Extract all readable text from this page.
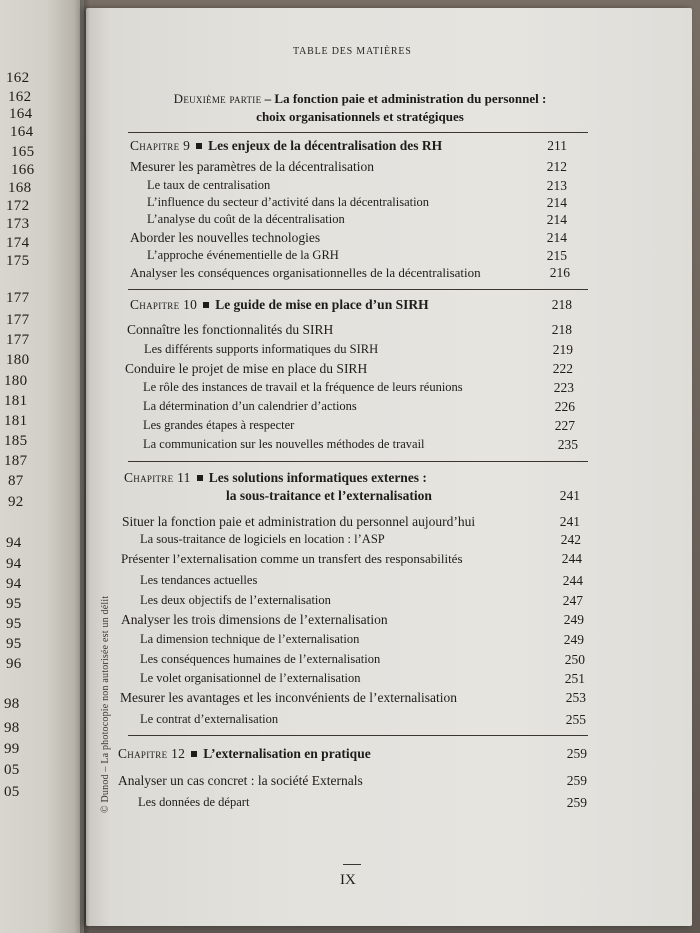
162
162
164
164
165
166
168
172
173
174
175
177
177
177
180
180
181
181
185
187
87
92
94
94
94
95
95
95
96
98
98
99
05
05
TABLE DES MATIÈRES
Deuxième partie – La fonction paie et administration du personnel :
choix organisationnels et stratégiques
Chapitre 9 Les enjeux de la décentralisation des RH	211
Mesurer les paramètres de la décentralisation	212
Le taux de centralisation	213
L’influence du secteur d’activité dans la décentralisation	214
L’analyse du coût de la décentralisation	214
Aborder les nouvelles technologies	214
L’approche événementielle de la GRH	215
Analyser les conséquences organisationnelles de la décentralisation	216
Chapitre 10 Le guide de mise en place d’un SIRH	218
Connaître les fonctionnalités du SIRH	218
Les différents supports informatiques du SIRH	219
Conduire le projet de mise en place du SIRH	222
Le rôle des instances de travail et la fréquence de leurs réunions	223
La détermination d’un calendrier d’actions	226
Les grandes étapes à respecter	227
La communication sur les nouvelles méthodes de travail	235
Chapitre 11 Les solutions informatiques externes :
la sous-traitance et l’externalisation	241
Situer la fonction paie et administration du personnel aujourd’hui	241
La sous-traitance de logiciels en location : l’ASP	242
Présenter l’externalisation comme un transfert des responsabilités	244
Les tendances actuelles	244
Les deux objectifs de l’externalisation	247
Analyser les trois dimensions de l’externalisation	249
La dimension technique de l’externalisation	249
Les conséquences humaines de l’externalisation	250
Le volet organisationnel de l’externalisation	251
Mesurer les avantages et les inconvénients de l’externalisation	253
Le contrat d’externalisation	255
Chapitre 12 L’externalisation en pratique	259
Analyser un cas concret : la société Externals	259
Les données de départ	259
© Dunod – La photocopie non autorisée est un délit
IX
